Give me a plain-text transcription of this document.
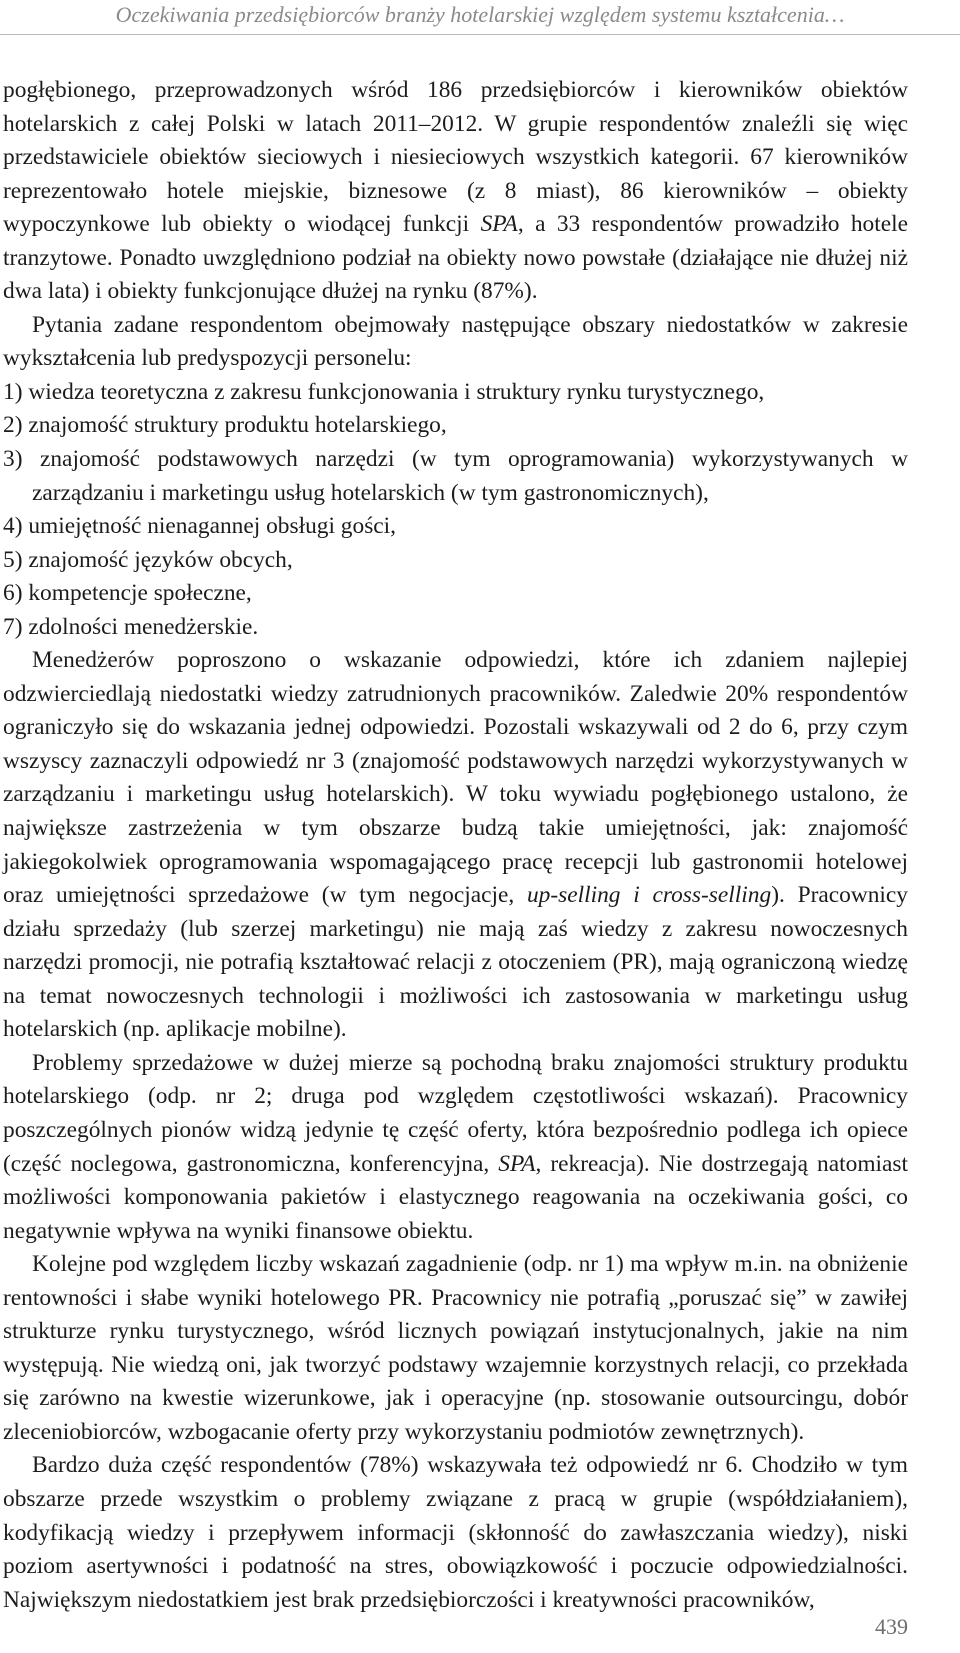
Oczekiwania przedsiębiorców branży hotelarskiej względem systemu kształcenia…

pogłębionego, przeprowadzonych wśród 186 przedsiębiorców i kierowników obiektów hotelarskich z całej Polski w latach 2011–2012. W grupie respondentów znaleźli się więc przedstawiciele obiektów sieciowych i niesieciowych wszystkich kategorii. 67 kierowników reprezentowało hotele miejskie, biznesowe (z 8 miast), 86 kierowników – obiekty wypoczynkowe lub obiekty o wiodącej funkcji SPA, a 33 respondentów prowadziło hotele tranzytowe. Ponadto uwzględniono podział na obiekty nowo powstałe (działające nie dłużej niż dwa lata) i obiekty funkcjonujące dłużej na rynku (87%).

Pytania zadane respondentom obejmowały następujące obszary niedostatków w zakresie wykształcenia lub predyspozycji personelu:

1) wiedza teoretyczna z zakresu funkcjonowania i struktury rynku turystycznego,

2) znajomość struktury produktu hotelarskiego,

3) znajomość podstawowych narzędzi (w tym oprogramowania) wykorzystywanych w zarządzaniu i marketingu usług hotelarskich (w tym gastronomicznych),

4) umiejętność nienagannej obsługi gości,

5) znajomość języków obcych,

6) kompetencje społeczne,

7) zdolności menedżerskie.

Menedżerów poproszono o wskazanie odpowiedzi, które ich zdaniem najlepiej odzwierciedlają niedostatki wiedzy zatrudnionych pracowników. Zaledwie 20% respondentów ograniczyło się do wskazania jednej odpowiedzi. Pozostali wskazywali od 2 do 6, przy czym wszyscy zaznaczyli odpowiedź nr 3 (znajomość podstawowych narzędzi wykorzystywanych w zarządzaniu i marketingu usług hotelarskich). W toku wywiadu pogłębionego ustalono, że największe zastrzeżenia w tym obszarze budzą takie umiejętności, jak: znajomość jakiegokolwiek oprogramowania wspomagającego pracę recepcji lub gastronomii hotelowej oraz umiejętności sprzedażowe (w tym negocjacje, up-selling i cross-selling). Pracownicy działu sprzedaży (lub szerzej marketingu) nie mają zaś wiedzy z zakresu nowoczesnych narzędzi promocji, nie potrafią kształtować relacji z otoczeniem (PR), mają ograniczoną wiedzę na temat nowoczesnych technologii i możliwości ich zastosowania w marketingu usług hotelarskich (np. aplikacje mobilne).

Problemy sprzedażowe w dużej mierze są pochodną braku znajomości struktury produktu hotelarskiego (odp. nr 2; druga pod względem częstotliwości wskazań). Pracownicy poszczególnych pionów widzą jedynie tę część oferty, która bezpośrednio podlega ich opiece (część noclegowa, gastronomiczna, konferencyjna, SPA, rekreacja). Nie dostrzegają natomiast możliwości komponowania pakietów i elastycznego reagowania na oczekiwania gości, co negatywnie wpływa na wyniki finansowe obiektu.

Kolejne pod względem liczby wskazań zagadnienie (odp. nr 1) ma wpływ m.in. na obniżenie rentowności i słabe wyniki hotelowego PR. Pracownicy nie potrafią „poruszać się” w zawiłej strukturze rynku turystycznego, wśród licznych powiązań instytucjonalnych, jakie na nim występują. Nie wiedzą oni, jak tworzyć podstawy wzajemnie korzystnych relacji, co przekłada się zarówno na kwestie wizerunkowe, jak i operacyjne (np. stosowanie outsourcingu, dobór zleceniobiorców, wzbogacanie oferty przy wykorzystaniu podmiotów zewnętrznych).

Bardzo duża część respondentów (78%) wskazywała też odpowiedź nr 6. Chodziło w tym obszarze przede wszystkim o problemy związane z pracą w grupie (współdziałaniem), kodyfikacją wiedzy i przepływem informacji (skłonność do zawłaszczania wiedzy), niski poziom asertywności i podatność na stres, obowiązkowość i poczucie odpowiedzialności. Największym niedostatkiem jest brak przedsiębiorczości i kreatywności pracowników,

439
